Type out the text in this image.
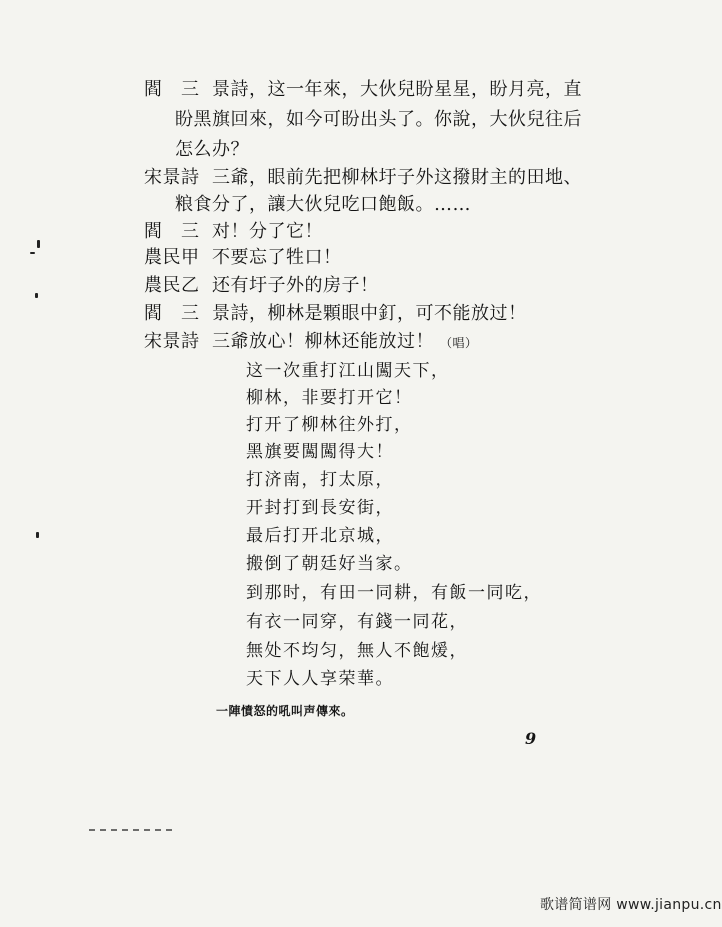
閻　三 景詩，这一年來，大伙兒盼星星，盼月亮，直
盼黑旗回來，如今可盼出头了。你說，大伙兒往后
怎么办？
宋景詩 三爺，眼前先把柳林圩子外这撥財主的田地、
粮食分了，讓大伙兒吃口飽飯。……
閻　三 对！分了它！
農民甲 不要忘了牲口！
農民乙 还有圩子外的房子！
閻　三 景詩，柳林是顆眼中釘，可不能放过！
宋景詩 三爺放心！柳林还能放过！ （唱）
这一次重打江山闖天下，
柳林，非要打开它！
打开了柳林往外打，
黑旗要闖闖得大！
打济南，打太原，
开封打到長安街，
最后打开北京城，
搬倒了朝廷好当家。
到那时，有田一同耕，有飯一同吃，
有衣一同穿，有錢一同花，
無处不均匀，無人不飽煖，
天下人人享荣華。
一陣憤怒的吼叫声傳來。
9
歌谱简谱网 www.jianpu.cn
